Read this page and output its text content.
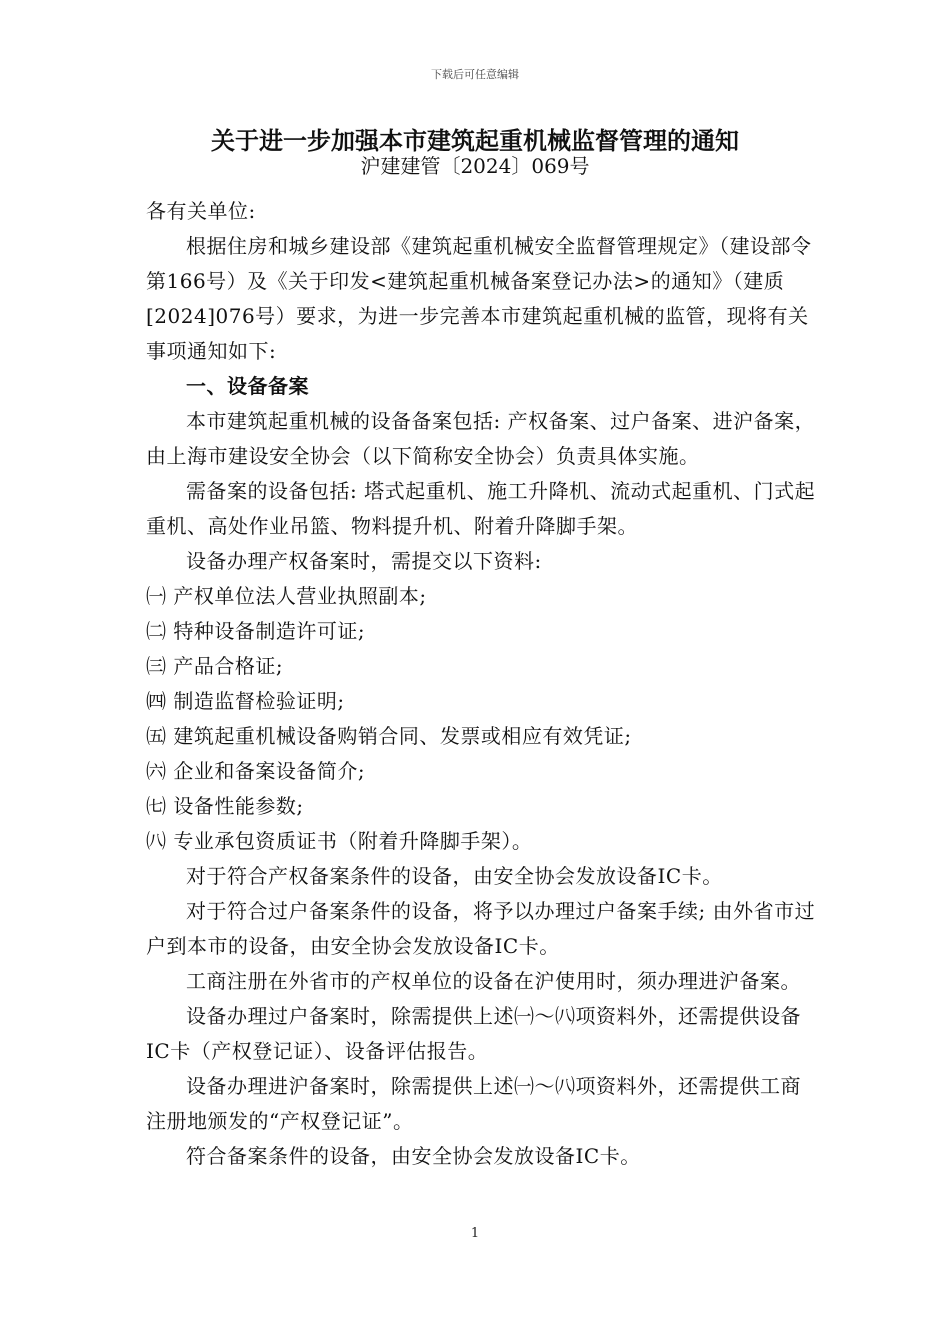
下载后可任意编辑
关于进一步加强本市建筑起重机械监督管理的通知
沪建建管〔2024〕069号

各有关单位:

根据住房和城乡建设部《建筑起重机械安全监督管理规定》（建设部令第166号）及《关于印发<建筑起重机械备案登记办法>的通知》（建质[2024]076号）要求，为进一步完善本市建筑起重机械的监管，现将有关事项通知如下:

一、设备备案

本市建筑起重机械的设备备案包括: 产权备案、过户备案、进沪备案，由上海市建设安全协会（以下简称安全协会）负责具体实施。

需备案的设备包括: 塔式起重机、施工升降机、流动式起重机、门式起重机、高处作业吊篮、物料提升机、附着升降脚手架。

设备办理产权备案时，需提交以下资料:

㈠ 产权单位法人营业执照副本;

㈡ 特种设备制造许可证;

㈢ 产品合格证;

㈣ 制造监督检验证明;

㈤ 建筑起重机械设备购销合同、发票或相应有效凭证;

㈥ 企业和备案设备简介;

㈦ 设备性能参数;

㈧ 专业承包资质证书（附着升降脚手架）。

对于符合产权备案条件的设备，由安全协会发放设备IC卡。

对于符合过户备案条件的设备，将予以办理过户备案手续; 由外省市过户到本市的设备，由安全协会发放设备IC卡。

工商注册在外省市的产权单位的设备在沪使用时，须办理进沪备案。

设备办理过户备案时，除需提供上述㈠～㈧项资料外，还需提供设备IC卡（产权登记证）、设备评估报告。

设备办理进沪备案时，除需提供上述㈠～㈧项资料外，还需提供工商注册地颁发的“产权登记证”。

符合备案条件的设备，由安全协会发放设备IC卡。

1
